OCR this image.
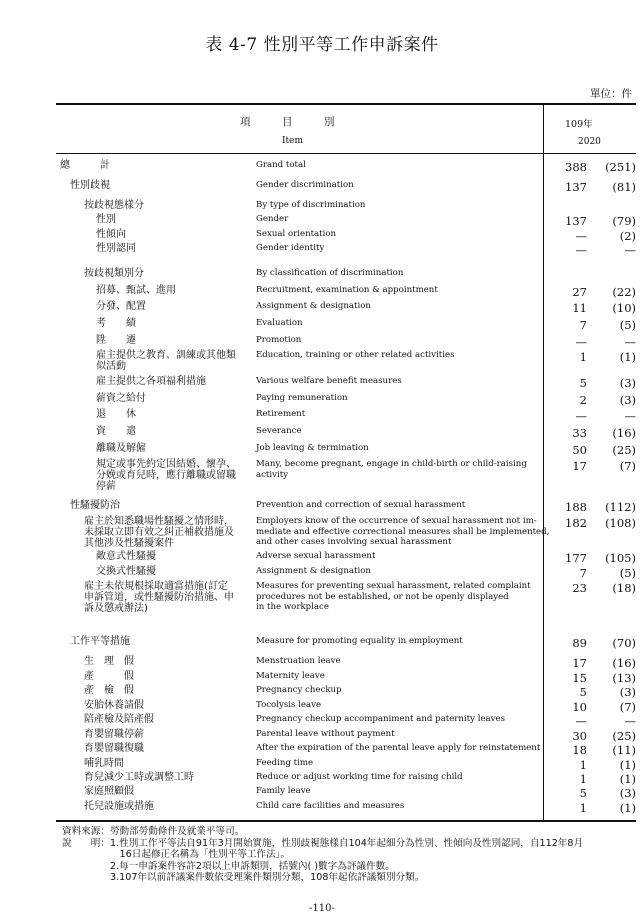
表 4-7 性別平等工作申訴案件
單位：件
項　　　目　　　別
Item
109年
2020
總　　　計	Grand total	388 (251)
性別歧視	Gender discrimination	137 (81)
按歧視態樣分	By type of discrimination
性別	Gender	137 (79)
性傾向	Sexual orientation	—	(2)
性別認同	Gender identity	—	—
按歧視類別分	By classification of discrimination
招募、甄試、進用	Recruitment, examination & appointment	27 (22)
分發、配置	Assignment & designation	11 (10)
考　　績	Evaluation	7	(5)
陞　　遷	Promotion	—	—
雇主提供之教育、訓練或其他類
似活動
Education, training or other related activities	1	(1)
雇主提供之各項福利措施	Various welfare benefit measures	5	(3)
薪資之給付	Paying remuneration	2	(3)
退　　休	Retirement	—	—
資　　遣	Severance	33 (16)
離職及解僱	Job leaving & termination	50 (25)
規定或事先約定因結婚、懷孕、
分娩或育兒時，應行離職或留職
停薪
Many, become pregnant, engage in child-birth or child-raising
activity
17	(7)
性騷擾防治	Prevention and correction of sexual harassment	188 (112)
雇主於知悉職場性騷擾之情形時，
未採取立即有效之糾正補救措施及
其他涉及性騷擾案件
Employers know of the occurrence of sexual harassment not im-
mediate and effective correctional measures shall be implemented,
and other cases involving sexual harassment
182 (108)
敵意式性騷擾	Adverse sexual harassment	177 (105)
交換式性騷擾	Assignment & designation	7	(5)
雇主未依規根採取適當措施(訂定
申訴管道，或性騷擾防治措施、申
訴及懲戒辦法)
Measures for preventing sexual harassment, related complaint
procedures not be established, or not be openly displayed
in the workplace
23 (18)
工作平等措施	Measure for promoting equality in employment	89 (70)
生　理　假	Menstruation leave	17 (16)
產　　　假	Maternity leave	15 (13)
產　檢　假	Pregnancy checkup	5	(3)
安胎休養請假	Tocolysis leave	10	(7)
陪產檢及陪產假	Pregnancy checkup accompaniment and paternity leaves	—	—
育嬰留職停薪	Parental leave without payment	30 (25)
育嬰留職復職	After the expiration of the parental leave apply for reinstatement	18 (11)
哺乳時間	Feeding time	1	(1)
育兒減少工時或調整工時	Reduce or adjust working time for raising child	1	(1)
家庭照顧假	Family leave	5	(3)
托兒設施或措施	Child care facilities and measures	1	(1)
資料來源：勞動部勞動條件及就業平等司。
說　　明：1.性別工作平等法自91年3月開始實施，性別歧視態樣自104年起細分為性別、性傾向及性別認同，自112年8月
　　　　　　16日起修正名稱為「性別平等工作法」。
　　　　　2.每一申訴案件容許2項以上申訴類別，括號內( )數字為評議件數。
　　　　　3.107年以前評議案件數依受理案件類別分類，108年起依評議類別分類。
-110-
